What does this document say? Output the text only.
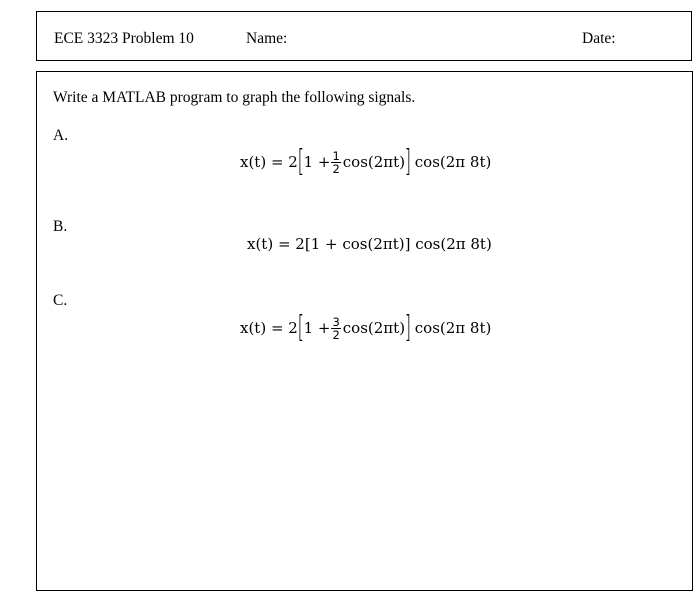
ECE 3323 Problem 10	Name:	Date:
Write a MATLAB program to graph the following signals.
A.
x(t) = 2 [ $1 + \frac{1}{2} \cos(2\pi t)$ ] cos(2π 8t)
B.
x(t) = 2[1 + cos(2πt)] cos(2π 8t)
C.
x(t) = 2 [ $1 + \frac{3}{2} \cos(2\pi t)$ ] cos(2π 8t)
